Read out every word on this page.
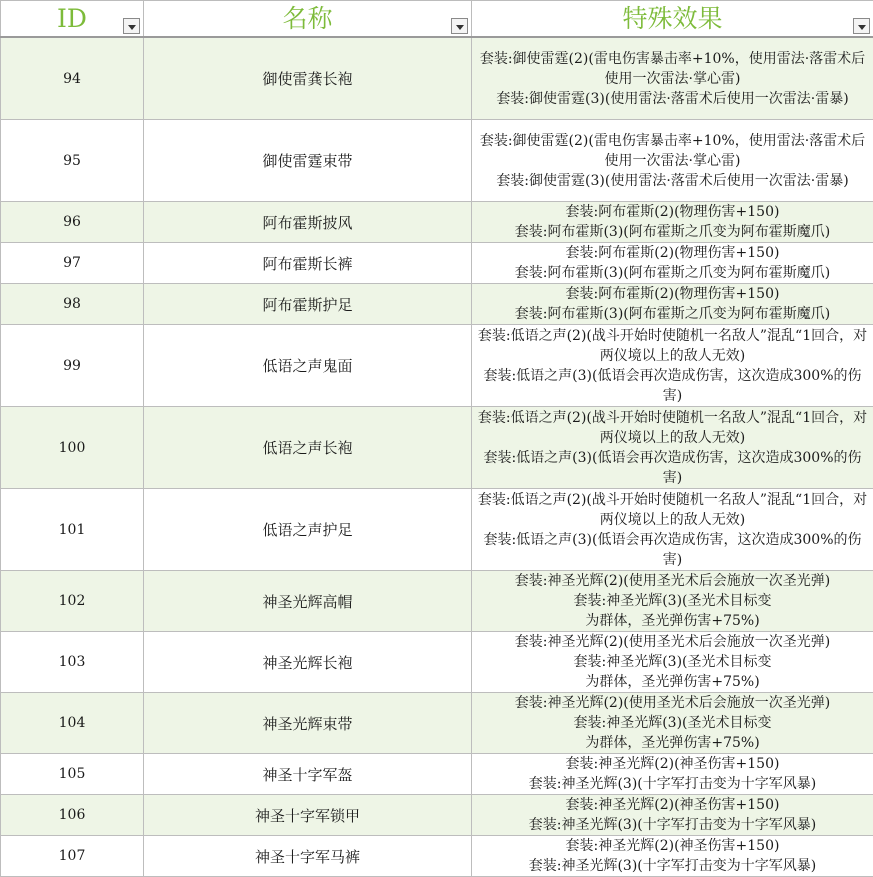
ID	名称	特殊效果

94	御使雷龚长袍	套装:御使雷霆(2)(雷电伤害暴击率+10%，使用雷法·落雷术后使用一次雷法·掌心雷)
套装:御使雷霆(3)(使用雷法·落雷术后使用一次雷法·雷暴)

95	御使雷霆束带	套装:御使雷霆(2)(雷电伤害暴击率+10%，使用雷法·落雷术后使用一次雷法·掌心雷)
套装:御使雷霆(3)(使用雷法·落雷术后使用一次雷法·雷暴)

96	阿布霍斯披风	套装:阿布霍斯(2)(物理伤害+150)
套装:阿布霍斯(3)(阿布霍斯之爪变为阿布霍斯魔爪)

97	阿布霍斯长裤	套装:阿布霍斯(2)(物理伤害+150)
套装:阿布霍斯(3)(阿布霍斯之爪变为阿布霍斯魔爪)

98	阿布霍斯护足	套装:阿布霍斯(2)(物理伤害+150)
套装:阿布霍斯(3)(阿布霍斯之爪变为阿布霍斯魔爪)

99	低语之声鬼面	套装:低语之声(2)(战斗开始时使随机一名敌人”混乱“1回合，对两仪境以上的敌人无效)
套装:低语之声(3)(低语会再次造成伤害，这次造成300%的伤害)

100	低语之声长袍	套装:低语之声(2)(战斗开始时使随机一名敌人”混乱“1回合，对两仪境以上的敌人无效)
套装:低语之声(3)(低语会再次造成伤害，这次造成300%的伤害)

101	低语之声护足	套装:低语之声(2)(战斗开始时使随机一名敌人”混乱“1回合，对两仪境以上的敌人无效)
套装:低语之声(3)(低语会再次造成伤害，这次造成300%的伤害)

102	神圣光辉高帽	套装:神圣光辉(2)(使用圣光术后会施放一次圣光弹)
套装:神圣光辉(3)(圣光术目标变
为群体，圣光弹伤害+75%)

103	神圣光辉长袍	套装:神圣光辉(2)(使用圣光术后会施放一次圣光弹)
套装:神圣光辉(3)(圣光术目标变
为群体，圣光弹伤害+75%)

104	神圣光辉束带	套装:神圣光辉(2)(使用圣光术后会施放一次圣光弹)
套装:神圣光辉(3)(圣光术目标变
为群体，圣光弹伤害+75%)

105	神圣十字军盔	套装:神圣光辉(2)(神圣伤害+150)
套装:神圣光辉(3)(十字军打击变为十字军风暴)

106	神圣十字军锁甲	套装:神圣光辉(2)(神圣伤害+150)
套装:神圣光辉(3)(十字军打击变为十字军风暴)

107	神圣十字军马裤	套装:神圣光辉(2)(神圣伤害+150)
套装:神圣光辉(3)(十字军打击变为十字军风暴)
